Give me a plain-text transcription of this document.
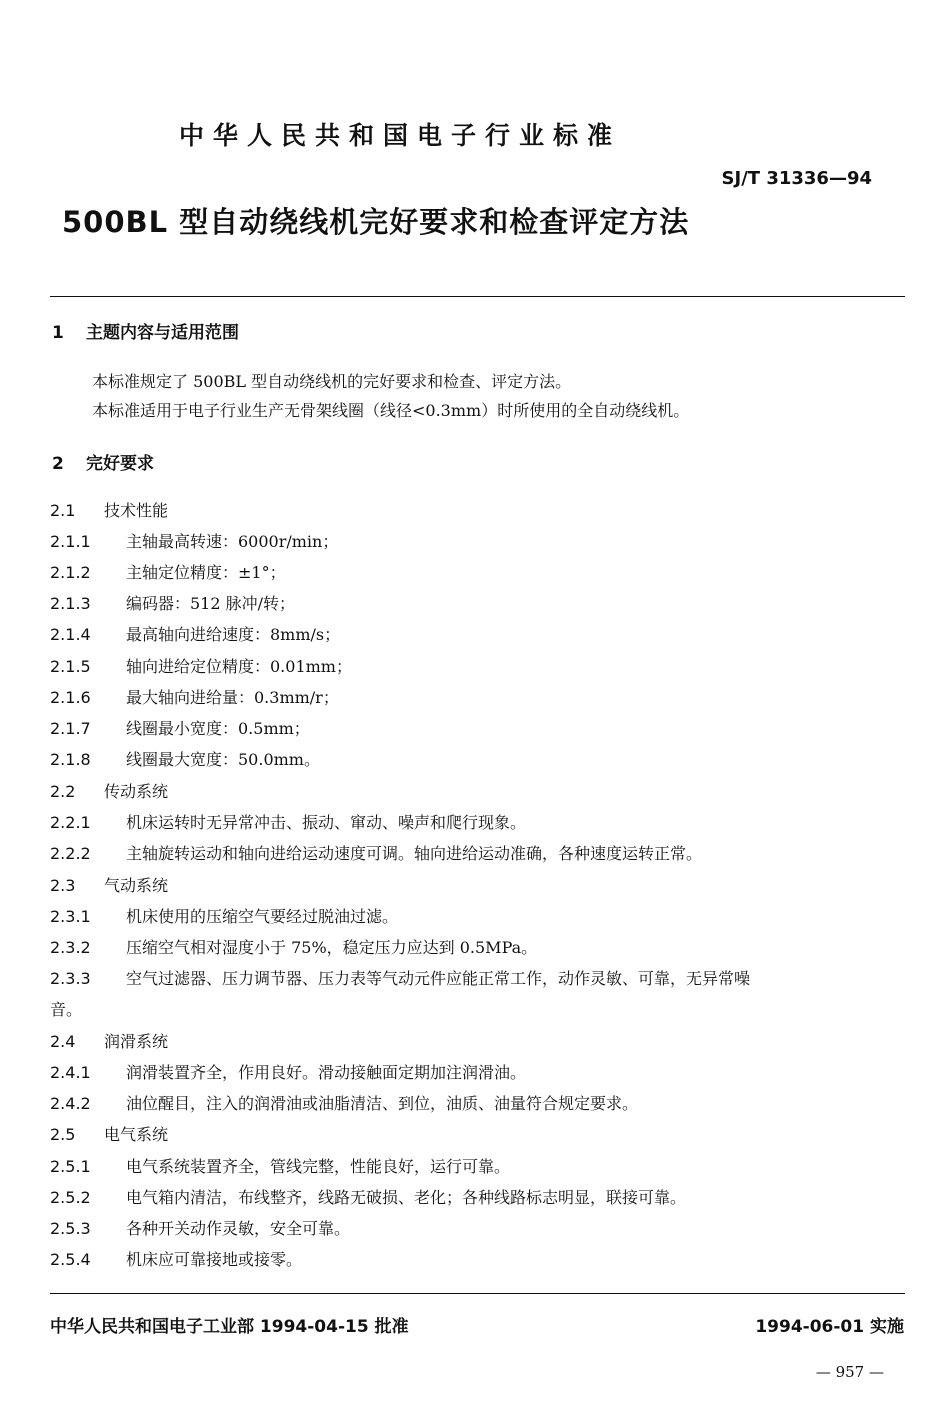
中华人民共和国电子行业标准
SJ/T 31336—94
500BL 型自动绕线机完好要求和检查评定方法
1 主题内容与适用范围
本标准规定了 500BL 型自动绕线机的完好要求和检查、评定方法。
本标准适用于电子行业生产无骨架线圈（线径<0.3mm）时所使用的全自动绕线机。
2 完好要求
2.1 技术性能
2.1.1 主轴最高转速：6000r/min；
2.1.2 主轴定位精度：±1°；
2.1.3 编码器：512 脉冲/转；
2.1.4 最高轴向进给速度：8mm/s；
2.1.5 轴向进给定位精度：0.01mm；
2.1.6 最大轴向进给量：0.3mm/r；
2.1.7 线圈最小宽度：0.5mm；
2.1.8 线圈最大宽度：50.0mm。
2.2 传动系统
2.2.1 机床运转时无异常冲击、振动、窜动、噪声和爬行现象。
2.2.2 主轴旋转运动和轴向进给运动速度可调。轴向进给运动准确，各种速度运转正常。
2.3 气动系统
2.3.1 机床使用的压缩空气要经过脱油过滤。
2.3.2 压缩空气相对湿度小于 75%，稳定压力应达到 0.5MPa。
2.3.3 空气过滤器、压力调节器、压力表等气动元件应能正常工作，动作灵敏、可靠，无异常噪
音。
2.4 润滑系统
2.4.1 润滑装置齐全，作用良好。滑动接触面定期加注润滑油。
2.4.2 油位醒目，注入的润滑油或油脂清洁、到位，油质、油量符合规定要求。
2.5 电气系统
2.5.1 电气系统装置齐全，管线完整，性能良好，运行可靠。
2.5.2 电气箱内清洁，布线整齐，线路无破损、老化；各种线路标志明显，联接可靠。
2.5.3 各种开关动作灵敏，安全可靠。
2.5.4 机床应可靠接地或接零。
中华人民共和国电子工业部 1994-04-15 批准	1994-06-01 实施
— 957 —
